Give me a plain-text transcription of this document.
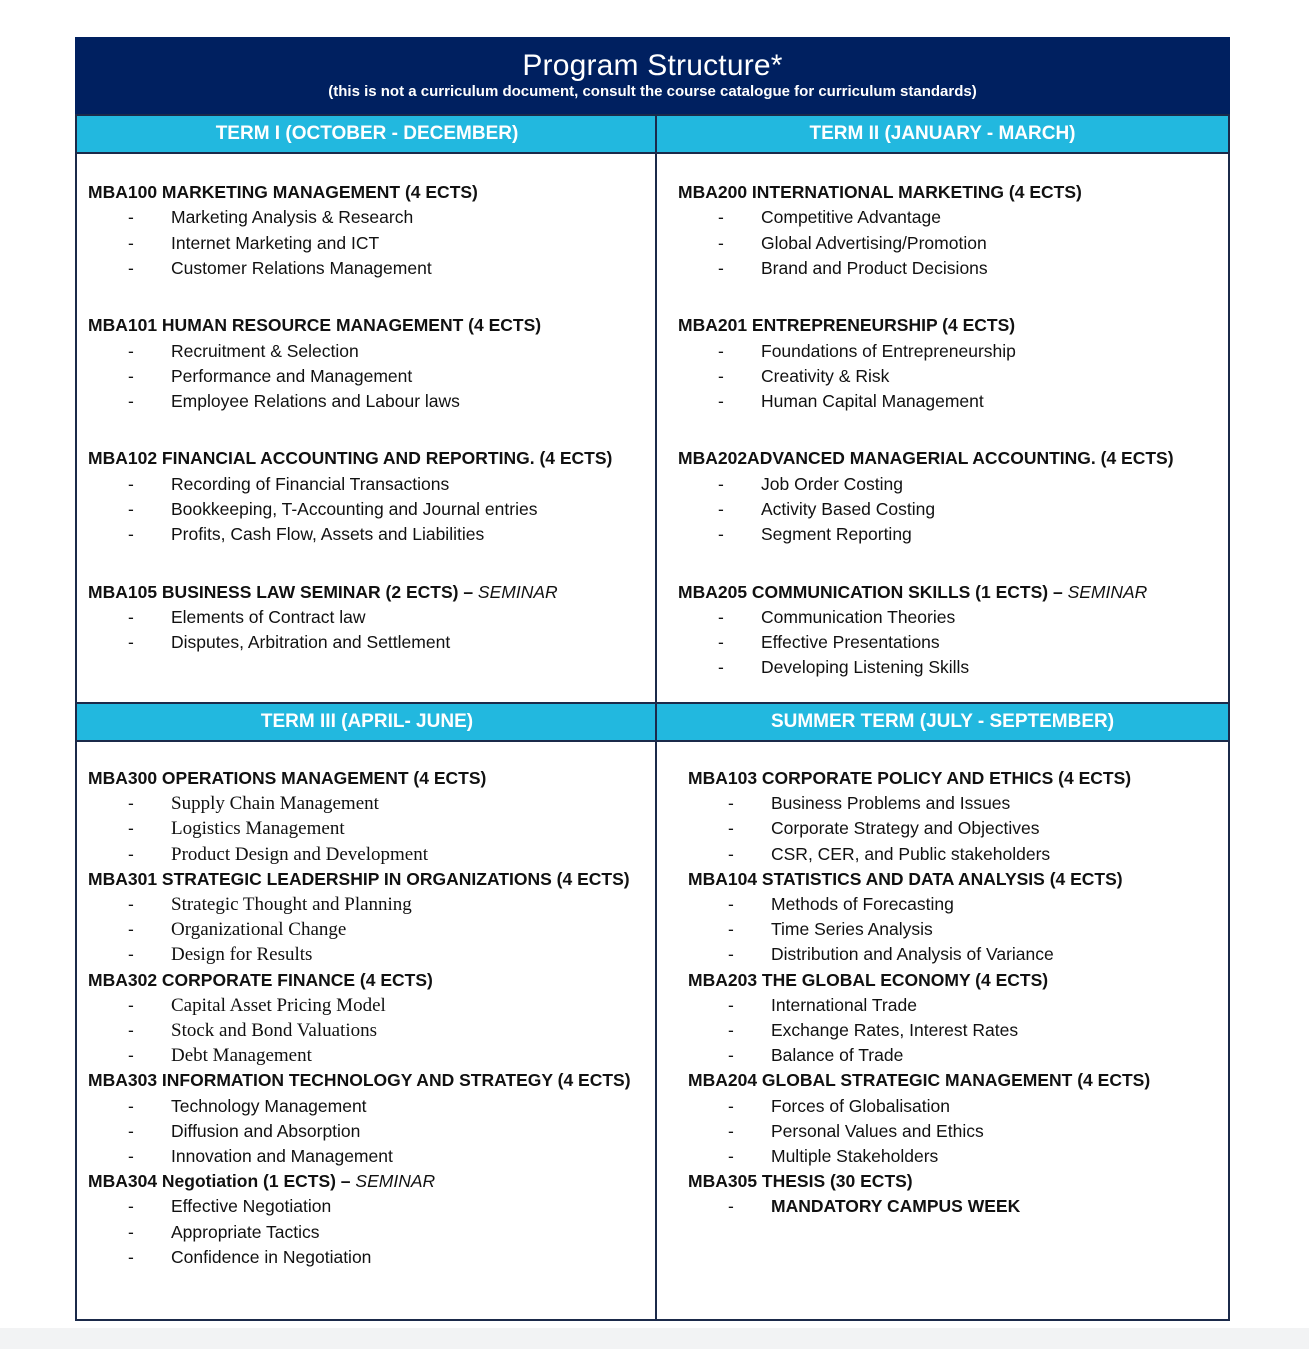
Program Structure*
(this is not a curriculum document, consult the course catalogue for curriculum standards)
TERM I (OCTOBER - DECEMBER)
MBA100 MARKETING MANAGEMENT (4 ECTS)
- Marketing Analysis & Research
- Internet Marketing and ICT
- Customer Relations Management
MBA101 HUMAN RESOURCE MANAGEMENT (4 ECTS)
- Recruitment & Selection
- Performance and Management
- Employee Relations and Labour laws
MBA102 FINANCIAL ACCOUNTING AND REPORTING. (4 ECTS)
- Recording of Financial Transactions
- Bookkeeping, T-Accounting and Journal entries
- Profits, Cash Flow, Assets and Liabilities
MBA105 BUSINESS LAW SEMINAR (2 ECTS) – SEMINAR
- Elements of Contract law
- Disputes, Arbitration and Settlement
TERM II (JANUARY - MARCH)
MBA200 INTERNATIONAL MARKETING (4 ECTS)
- Competitive Advantage
- Global Advertising/Promotion
- Brand and Product Decisions
MBA201 ENTREPRENEURSHIP (4 ECTS)
- Foundations of Entrepreneurship
- Creativity & Risk
- Human Capital Management
MBA202ADVANCED MANAGERIAL ACCOUNTING. (4 ECTS)
- Job Order Costing
- Activity Based Costing
- Segment Reporting
MBA205 COMMUNICATION SKILLS (1 ECTS) – SEMINAR
- Communication Theories
- Effective Presentations
- Developing Listening Skills
TERM III (APRIL- JUNE)
MBA300 OPERATIONS MANAGEMENT (4 ECTS)
- Supply Chain Management
- Logistics Management
- Product Design and Development
MBA301 STRATEGIC LEADERSHIP IN ORGANIZATIONS (4 ECTS)
- Strategic Thought and Planning
- Organizational Change
- Design for Results
MBA302 CORPORATE FINANCE (4 ECTS)
- Capital Asset Pricing Model
- Stock and Bond Valuations
- Debt Management
MBA303 INFORMATION TECHNOLOGY AND STRATEGY (4 ECTS)
- Technology Management
- Diffusion and Absorption
- Innovation and Management
MBA304 Negotiation (1 ECTS) – SEMINAR
- Effective Negotiation
- Appropriate Tactics
- Confidence in Negotiation
SUMMER TERM (JULY - SEPTEMBER)
MBA103 CORPORATE POLICY AND ETHICS (4 ECTS)
- Business Problems and Issues
- Corporate Strategy and Objectives
- CSR, CER, and Public stakeholders
MBA104 STATISTICS AND DATA ANALYSIS (4 ECTS)
- Methods of Forecasting
- Time Series Analysis
- Distribution and Analysis of Variance
MBA203 THE GLOBAL ECONOMY (4 ECTS)
- International Trade
- Exchange Rates, Interest Rates
- Balance of Trade
MBA204 GLOBAL STRATEGIC MANAGEMENT (4 ECTS)
- Forces of Globalisation
- Personal Values and Ethics
- Multiple Stakeholders
MBA305 THESIS (30 ECTS)
- MANDATORY CAMPUS WEEK
